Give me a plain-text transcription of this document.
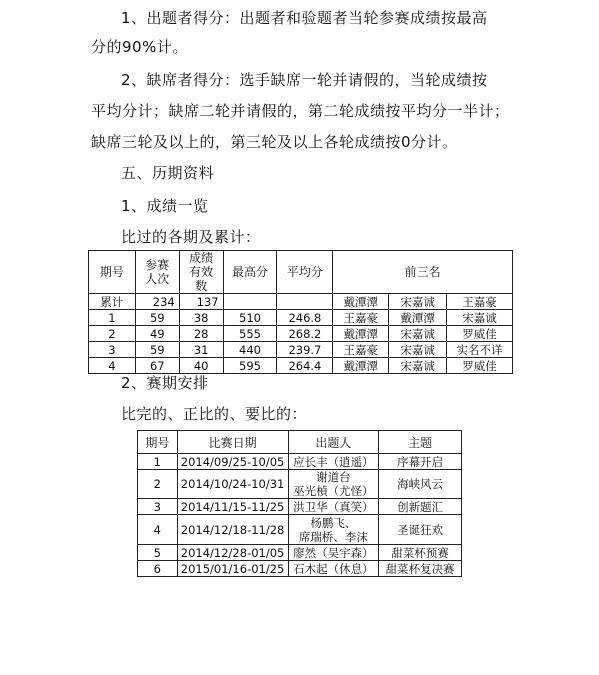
1、出题者得分：出题者和验题者当轮参赛成绩按最高
分的90%计。
2、缺席者得分：选手缺席一轮并请假的，当轮成绩按
平均分计；缺席二轮并请假的，第二轮成绩按平均分一半计；
缺席三轮及以上的，第三轮及以上各轮成绩按0分计。
五、历期资料
1、成绩一览
比过的各期及累计：
期号	参赛人次	成绩有效数	最高分	平均分	前三名		
累计	234	137			戴潭潭	宋嘉诚	王嘉豪
1	59	38	510	246.8	王嘉豪	戴潭潭	宋嘉诚
2	49	28	555	268.2	戴潭潭	宋嘉诚	罗威佳
3	59	31	440	239.7	王嘉豪	宋嘉诚	实名不详
4	67	40	595	264.4	戴潭潭	宋嘉诚	罗威佳
2、赛期安排
比完的、正比的、要比的：
期号	比赛日期	出题人	主题
1	2014/09/25-10/05	应长丰（逍遥）	序幕开启
2	2014/10/24-10/31	谢道台
巫光楨（尤怪）	海峡风云
3	2014/11/15-11/25	洪卫华（真笑）	创新题汇
4	2014/12/18-11/28	杨鹏飞、
席瑞桥、李沫	圣诞狂欢
5	2014/12/28-01/05	廖然（吴宇森）	甜菜杯预赛
6	2015/01/16-01/25	石木起（休息）	甜菜杯复决赛
